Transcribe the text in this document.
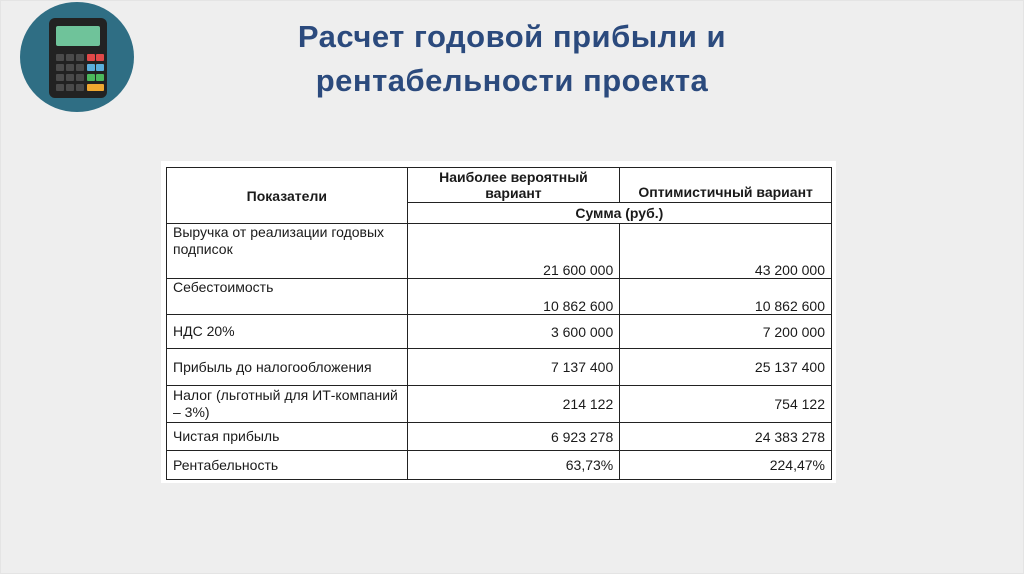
Расчет годовой прибыли и
рентабельности проекта
Показатели	Наиболее вероятный вариант	Оптимистичный вариант
	Сумма (руб.)	
Выручка от реализации годовых подписок	21 600 000	43 200 000
Себестоимость	10 862 600	10 862 600
НДС 20%	3 600 000	7 200 000
Прибыль до налогообложения	7 137 400	25 137 400
Налог (льготный для ИТ-компаний – 3%)	214 122	754 122
Чистая прибыль	6 923 278	24 383 278
Рентабельность	63,73%	224,47%
